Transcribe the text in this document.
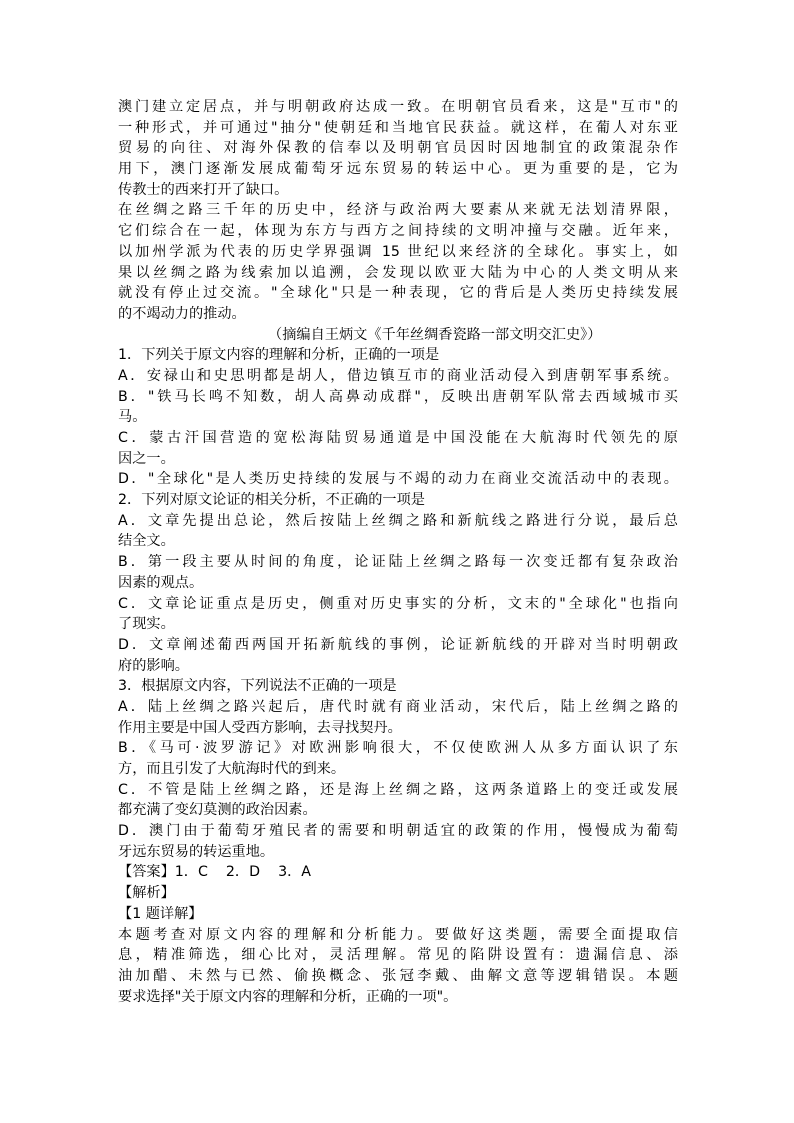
澳门建立定居点，并与明朝政府达成一致。在明朝官员看来，这是"互市"的
一种形式，并可通过"抽分"使朝廷和当地官民获益。就这样，在葡人对东亚
贸易的向往、对海外保教的信奉以及明朝官员因时因地制宜的政策混杂作
用下，澳门逐渐发展成葡萄牙远东贸易的转运中心。更为重要的是，它为
传教士的西来打开了缺口。
在丝绸之路三千年的历史中，经济与政治两大要素从来就无法划清界限，
它们综合在一起，体现为东方与西方之间持续的文明冲撞与交融。近年来，
以加州学派为代表的历史学界强调 15 世纪以来经济的全球化。事实上，如
果以丝绸之路为线索加以追溯，会发现以欧亚大陆为中心的人类文明从来
就没有停止过交流。"全球化"只是一种表现，它的背后是人类历史持续发展
的不竭动力的推动。
（摘编自王炳文《千年丝绸香瓷路一部文明交汇史》）
1．下列关于原文内容的理解和分析，正确的一项是
A．安禄山和史思明都是胡人，借边镇互市的商业活动侵入到唐朝军事系统。
B．"铁马长鸣不知数，胡人高鼻动成群"，反映出唐朝军队常去西域城市买
马。
C．蒙古汗国营造的宽松海陆贸易通道是中国没能在大航海时代领先的原
因之一。
D．"全球化"是人类历史持续的发展与不竭的动力在商业交流活动中的表现。
2．下列对原文论证的相关分析，不正确的一项是
A．文章先提出总论，然后按陆上丝绸之路和新航线之路进行分说，最后总
结全文。
B．第一段主要从时间的角度，论证陆上丝绸之路每一次变迁都有复杂政治
因素的观点。
C．文章论证重点是历史，侧重对历史事实的分析，文末的"全球化"也指向
了现实。
D．文章阐述葡西两国开拓新航线的事例，论证新航线的开辟对当时明朝政
府的影响。
3．根据原文内容，下列说法不正确的一项是
A．陆上丝绸之路兴起后，唐代时就有商业活动，宋代后，陆上丝绸之路的
作用主要是中国人受西方影响，去寻找契丹。
B．《马可·波罗游记》对欧洲影响很大，不仅使欧洲人从多方面认识了东
方，而且引发了大航海时代的到来。
C．不管是陆上丝绸之路，还是海上丝绸之路，这两条道路上的变迁或发展
都充满了变幻莫测的政治因素。
D．澳门由于葡萄牙殖民者的需要和明朝适宜的政策的作用，慢慢成为葡萄
牙远东贸易的转运重地。
【答案】1．C    2．D    3．A
【解析】
【1 题详解】
本题考查对原文内容的理解和分析能力。要做好这类题，需要全面提取信
息，精准筛选，细心比对，灵活理解。常见的陷阱设置有：遗漏信息、添
油加醋、未然与已然、偷换概念、张冠李戴、曲解文意等逻辑错误。本题
要求选择"关于原文内容的理解和分析，正确的一项"。
